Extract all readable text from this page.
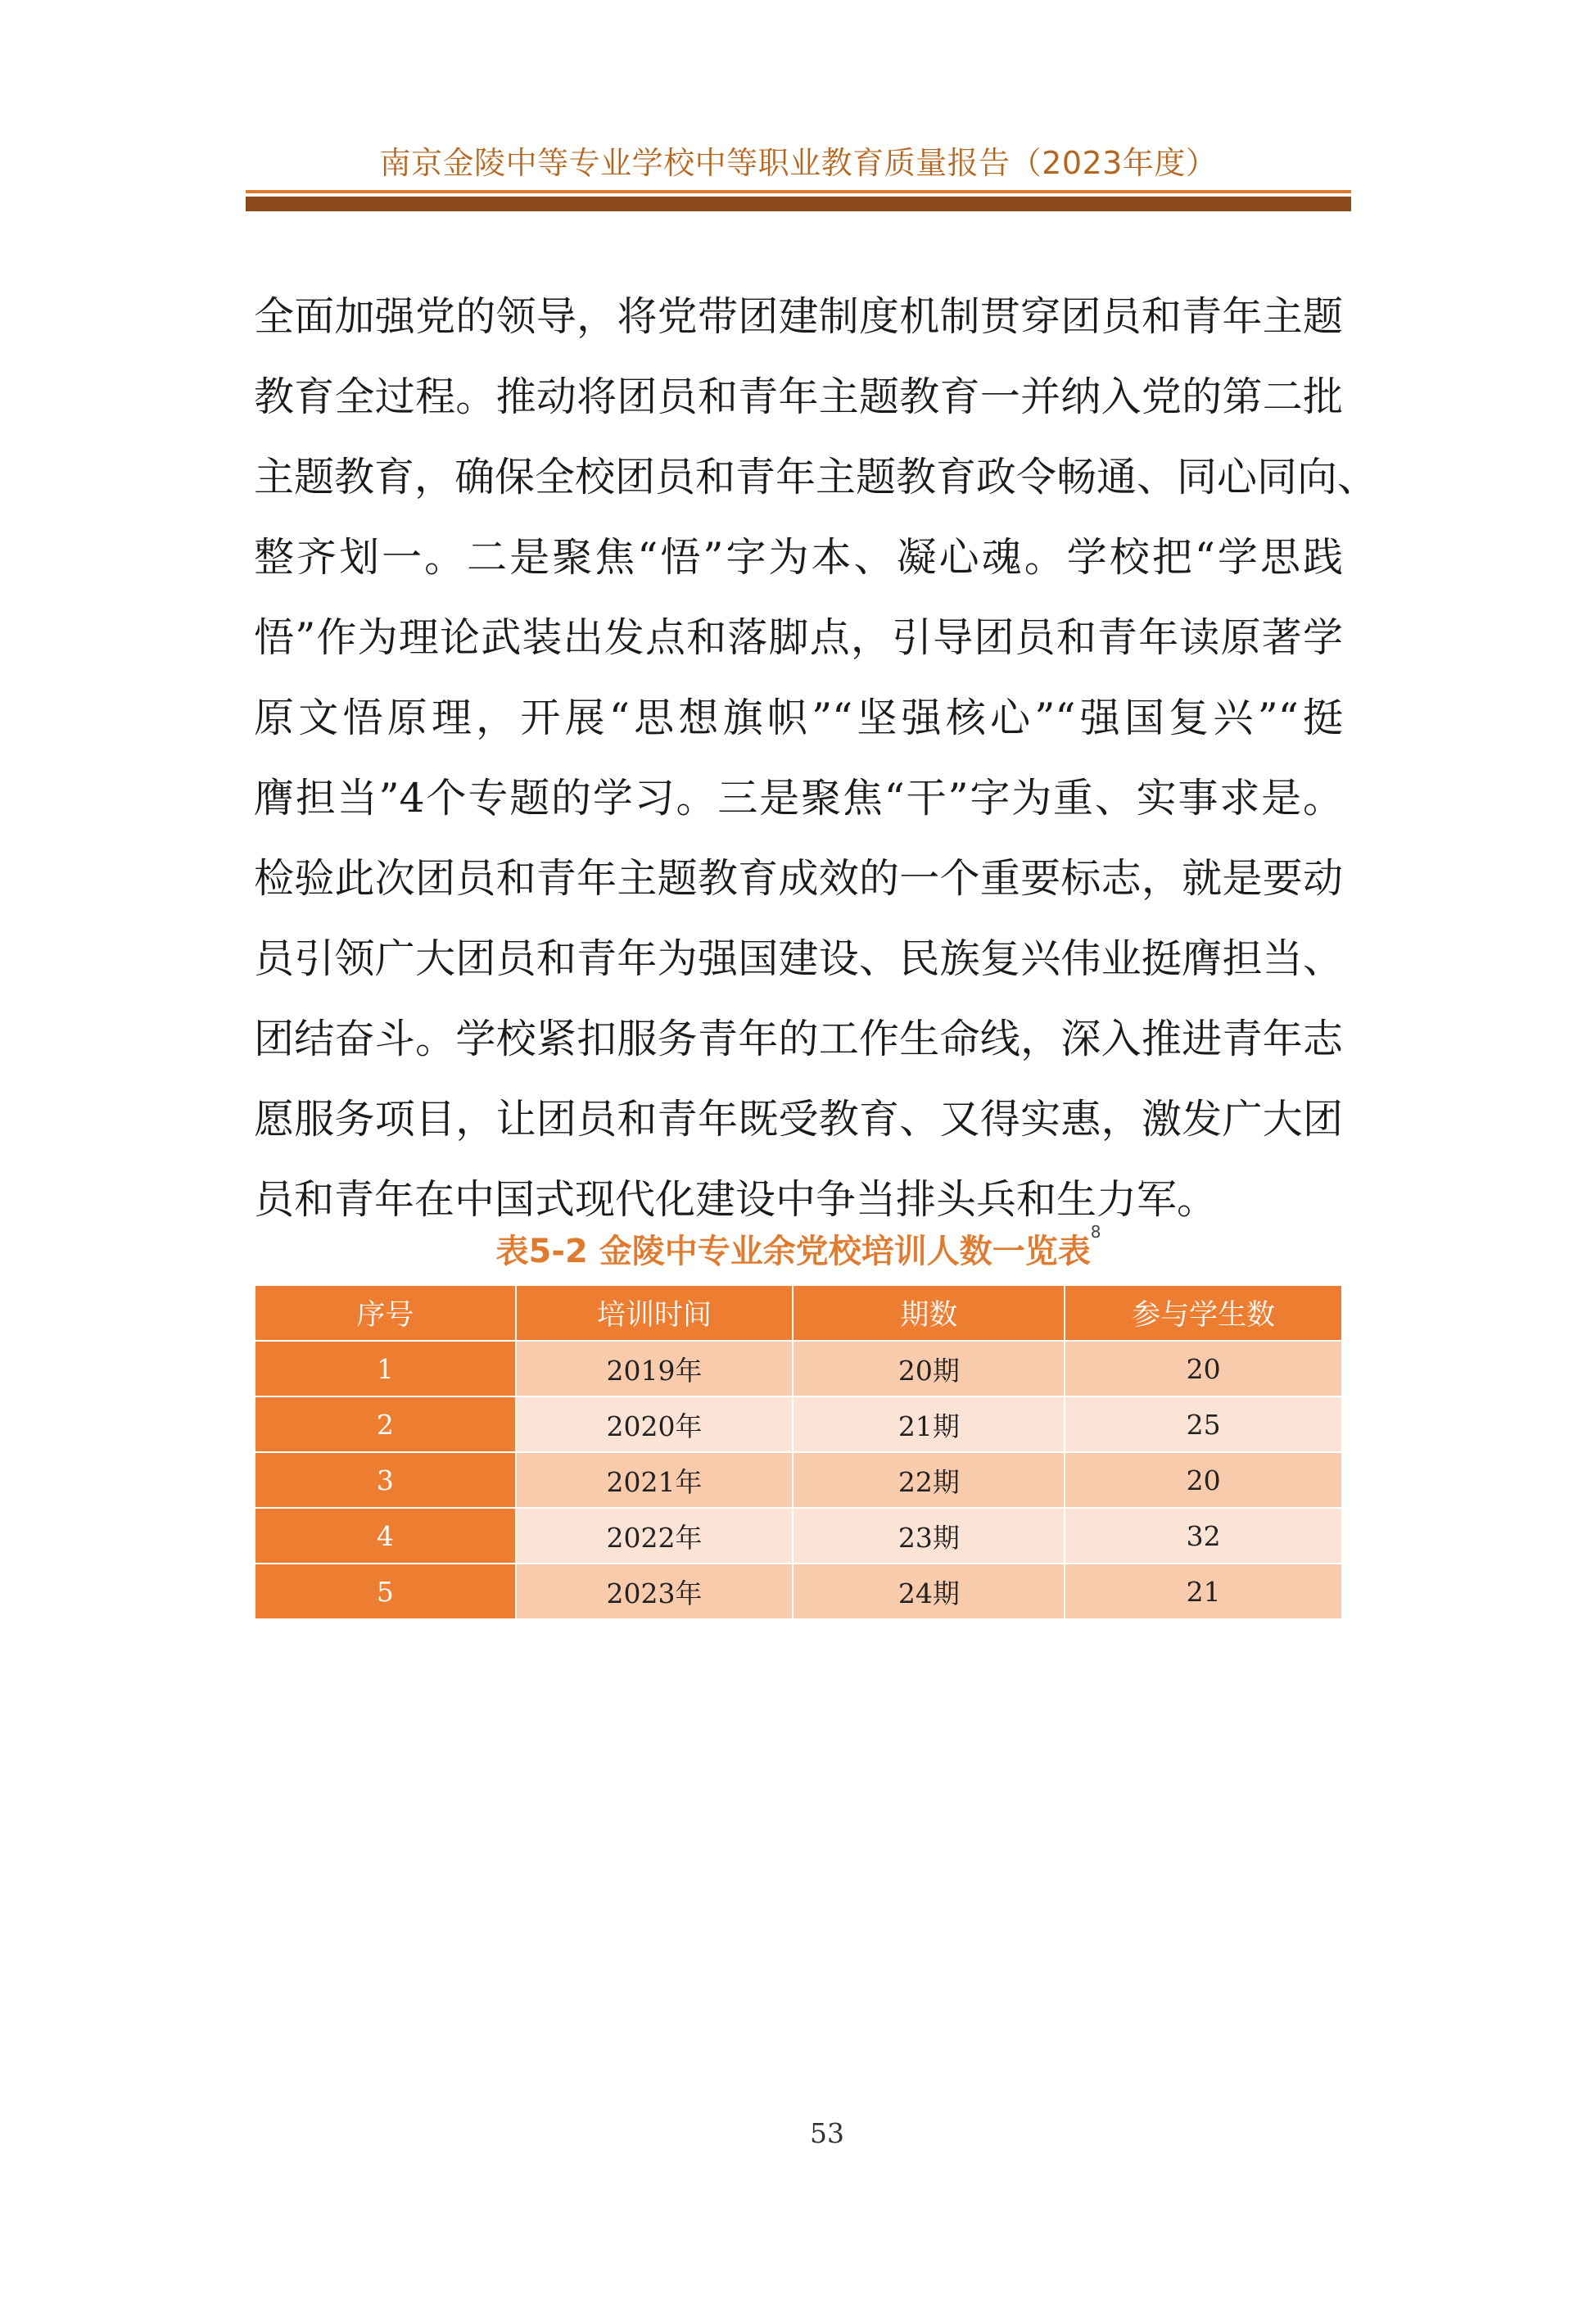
南京金陵中等专业学校中等职业教育质量报告（2023年度）
全面加强党的领导，将党带团建制度机制贯穿团员和青年主题
教育全过程。推动将团员和青年主题教育一并纳入党的第二批
主题教育，确保全校团员和青年主题教育政令畅通、同心同向、
整齐划一。二是聚焦“悟”字为本、凝心魂。学校把“学思践
悟”作为理论武装出发点和落脚点，引导团员和青年读原著学
原文悟原理，开展“思想旗帜”“坚强核心”“强国复兴”“挺
膺担当”4个专题的学习。三是聚焦“干”字为重、实事求是。
检验此次团员和青年主题教育成效的一个重要标志，就是要动
员引领广大团员和青年为强国建设、民族复兴伟业挺膺担当、
团结奋斗。学校紧扣服务青年的工作生命线，深入推进青年志
愿服务项目，让团员和青年既受教育、又得实惠，激发广大团
员和青年在中国式现代化建设中争当排头兵和生力军。
表5-2 金陵中专业余党校培训人数一览表$^8$
序号	培训时间	期数	参与学生数
1	2019年	20期	20
2	2020年	21期	25
3	2021年	22期	20
4	2022年	23期	32
5	2023年	24期	21
53
